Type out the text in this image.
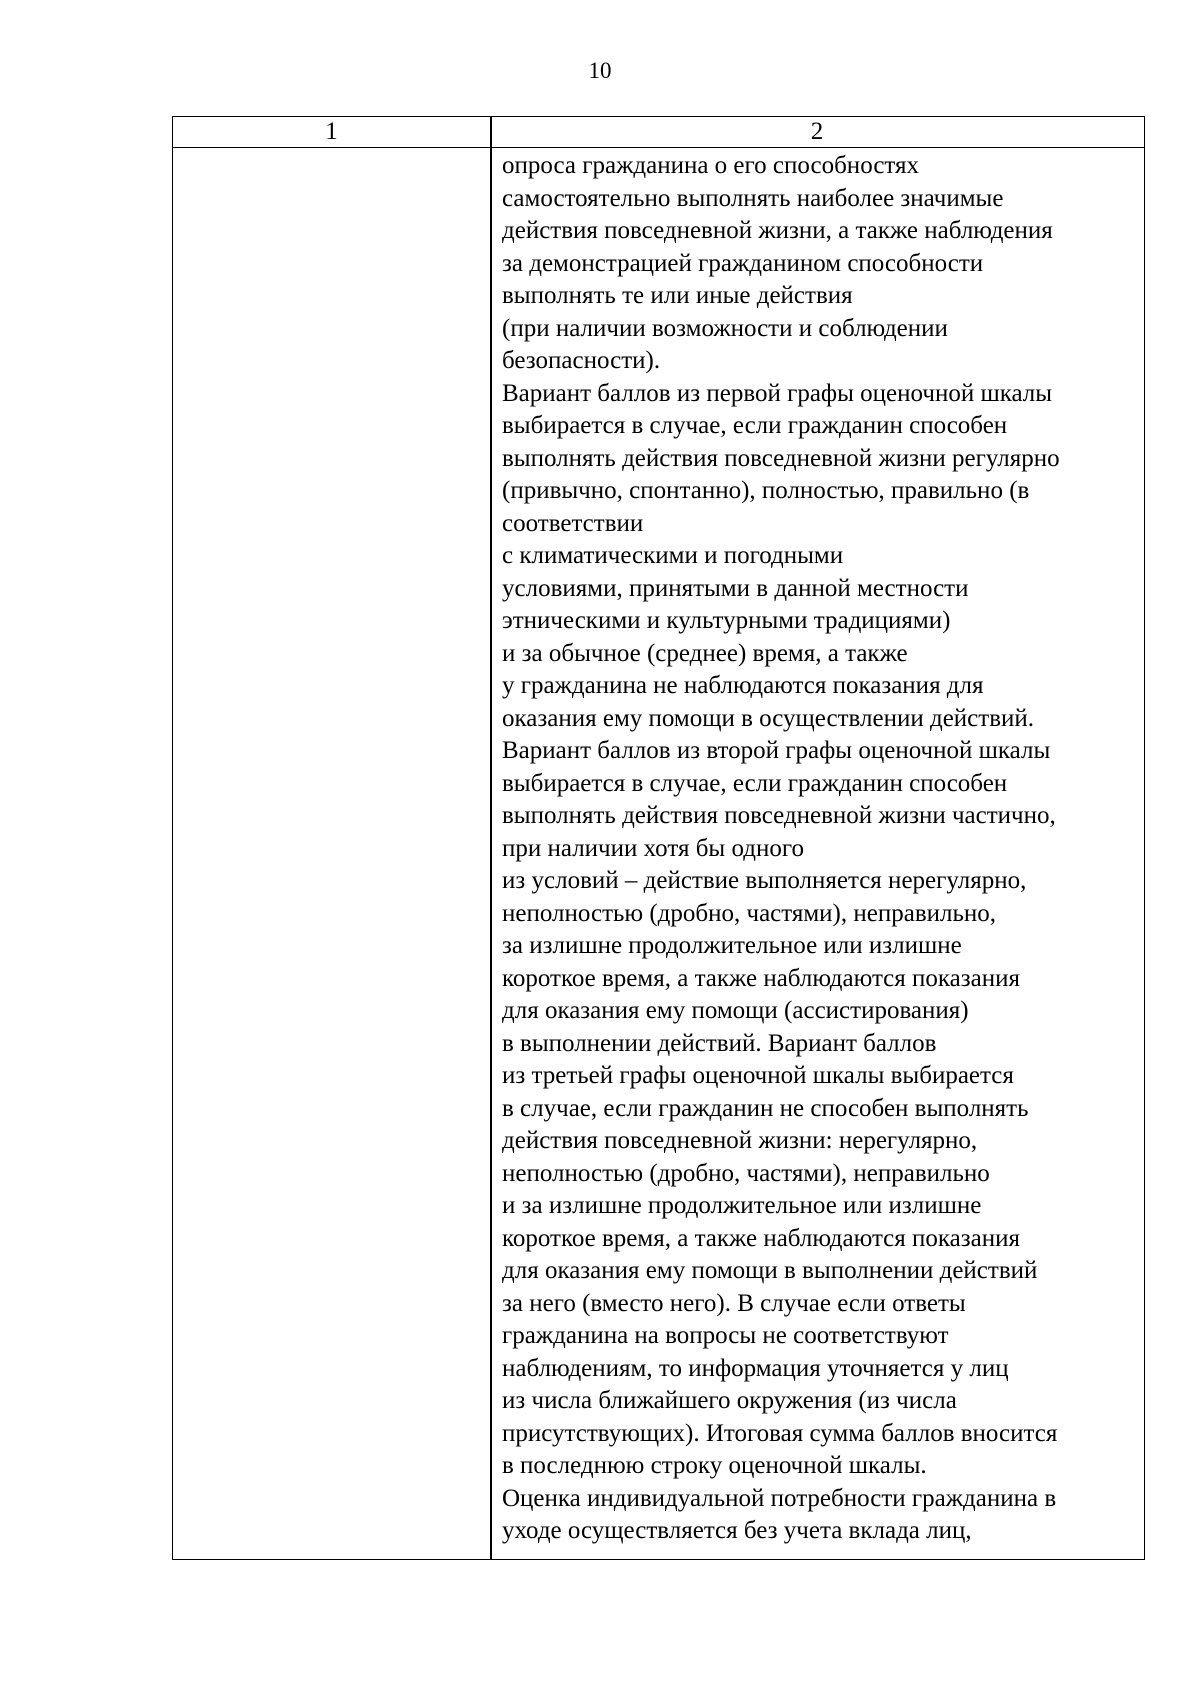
10
1	2
опроса гражданина о его способностях
самостоятельно выполнять наиболее значимые
действия повседневной жизни, а также наблюдения
за демонстрацией гражданином способности
выполнять те или иные действия
(при наличии возможности и соблюдении
безопасности).
Вариант баллов из первой графы оценочной шкалы
выбирается в случае, если гражданин способен
выполнять действия повседневной жизни регулярно
(привычно, спонтанно), полностью, правильно (в
соответствии
с климатическими и погодными
условиями, принятыми в данной местности
этническими и культурными традициями)
и за обычное (среднее) время, а также
у гражданина не наблюдаются показания для
оказания ему помощи в осуществлении действий.
Вариант баллов из второй графы оценочной шкалы
выбирается в случае, если гражданин способен
выполнять действия повседневной жизни частично,
при наличии хотя бы одного
из условий – действие выполняется нерегулярно,
неполностью (дробно, частями), неправильно,
за излишне продолжительное или излишне
короткое время, а также наблюдаются показания
для оказания ему помощи (ассистирования)
в выполнении действий. Вариант баллов
из третьей графы оценочной шкалы выбирается
в случае, если гражданин не способен выполнять
действия повседневной жизни: нерегулярно,
неполностью (дробно, частями), неправильно
и за излишне продолжительное или излишне
короткое время, а также наблюдаются показания
для оказания ему помощи в выполнении действий
за него (вместо него). В случае если ответы
гражданина на вопросы не соответствуют
наблюдениям, то информация уточняется у лиц
из числа ближайшего окружения (из числа
присутствующих). Итоговая сумма баллов вносится
в последнюю строку оценочной шкалы.
Оценка индивидуальной потребности гражданина в
уходе осуществляется без учета вклада лиц,
